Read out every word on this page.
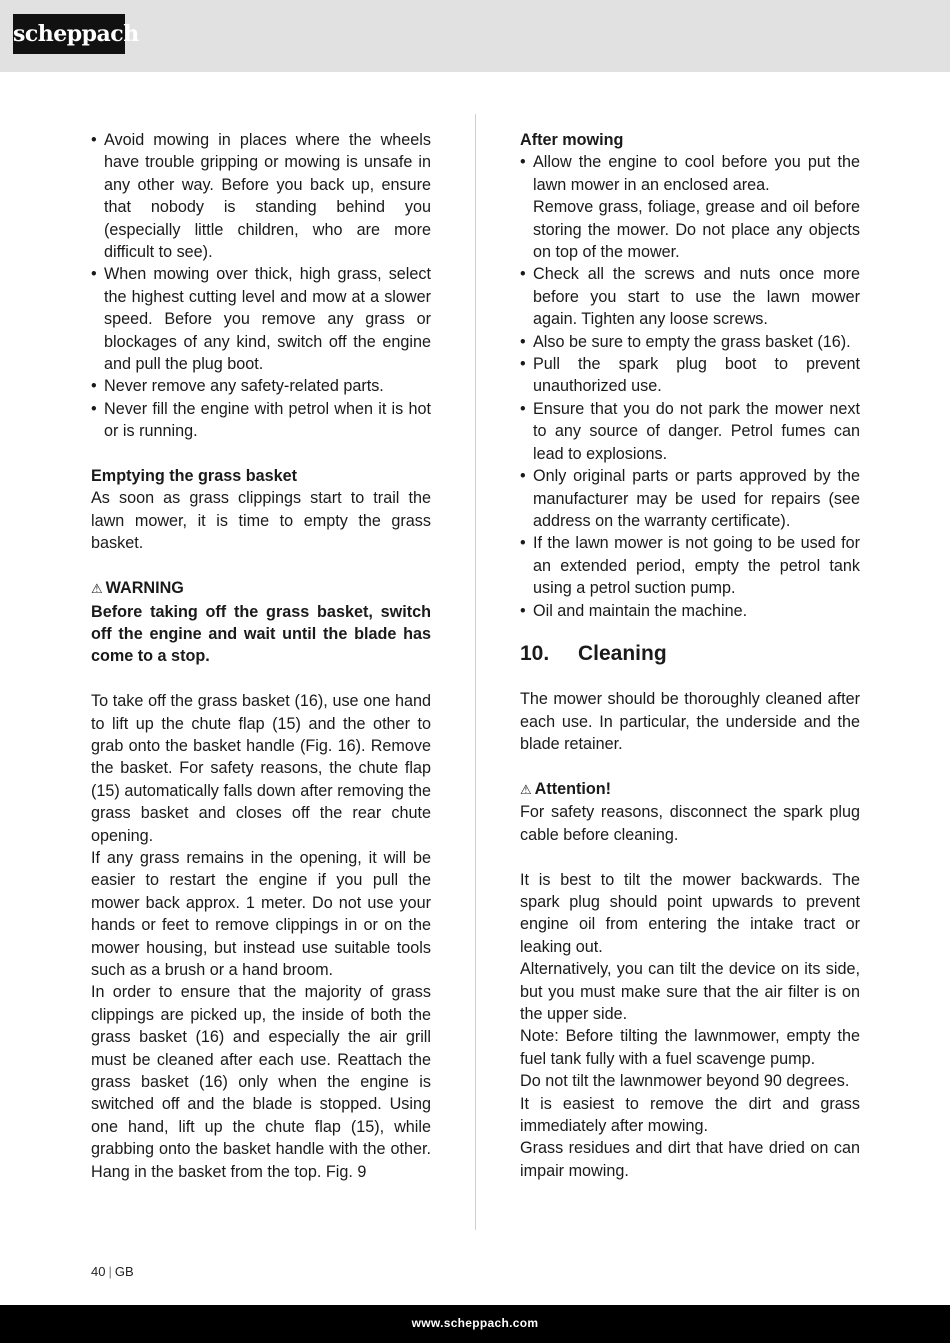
scheppach
• Avoid mowing in places where the wheels have trouble gripping or mowing is unsafe in any other way. Before you back up, ensure that nobody is standing behind you (especially little children, who are more difficult to see).
• When mowing over thick, high grass, select the highest cutting level and mow at a slower speed. Before you remove any grass or blockages of any kind, switch off the engine and pull the plug boot.
• Never remove any safety-related parts.
• Never fill the engine with petrol when it is hot or is running.

Emptying the grass basket

As soon as grass clippings start to trail the lawn mower, it is time to empty the grass basket.

⚠ WARNING

Before taking off the grass basket, switch off the engine and wait until the blade has come to a stop.

To take off the grass basket (16), use one hand to lift up the chute flap (15) and the other to grab onto the basket handle (Fig. 16). Remove the basket. For safety reasons, the chute flap (15) automatically falls down after removing the grass basket and closes off the rear chute opening.

If any grass remains in the opening, it will be easier to restart the engine if you pull the mower back approx. 1 meter. Do not use your hands or feet to remove clippings in or on the mower housing, but instead use suitable tools such as a brush or a hand broom.

In order to ensure that the majority of grass clippings are picked up, the inside of both the grass basket (16) and especially the air grill must be cleaned after each use. Reattach the grass basket (16) only when the engine is switched off and the blade is stopped. Using one hand, lift up the chute flap (15), while grabbing onto the basket handle with the other. Hang in the basket from the top. Fig. 9

After mowing

• Allow the engine to cool before you put the lawn mower in an enclosed area.
Remove grass, foliage, grease and oil before storing the mower. Do not place any objects on top of the mower.
• Check all the screws and nuts once more before you start to use the lawn mower again. Tighten any loose screws.
• Also be sure to empty the grass basket (16).
• Pull the spark plug boot to prevent unauthorized use.
• Ensure that you do not park the mower next to any source of danger. Petrol fumes can lead to explosions.
• Only original parts or parts approved by the manufacturer may be used for repairs (see address on the warranty certificate).
• If the lawn mower is not going to be used for an extended period, empty the petrol tank using a petrol suction pump.
• Oil and maintain the machine.
10. Cleaning

The mower should be thoroughly cleaned after each use. In particular, the underside and the blade retainer.

⚠ Attention!

For safety reasons, disconnect the spark plug cable before cleaning.

It is best to tilt the mower backwards. The spark plug should point upwards to prevent engine oil from entering the intake tract or leaking out.

Alternatively, you can tilt the device on its side, but you must make sure that the air filter is on the upper side.

Note: Before tilting the lawnmower, empty the fuel tank fully with a fuel scavenge pump.

Do not tilt the lawnmower beyond 90 degrees.

It is easiest to remove the dirt and grass immediately after mowing.

Grass residues and dirt that have dried on can impair mowing.

40 | GB
www.scheppach.com
